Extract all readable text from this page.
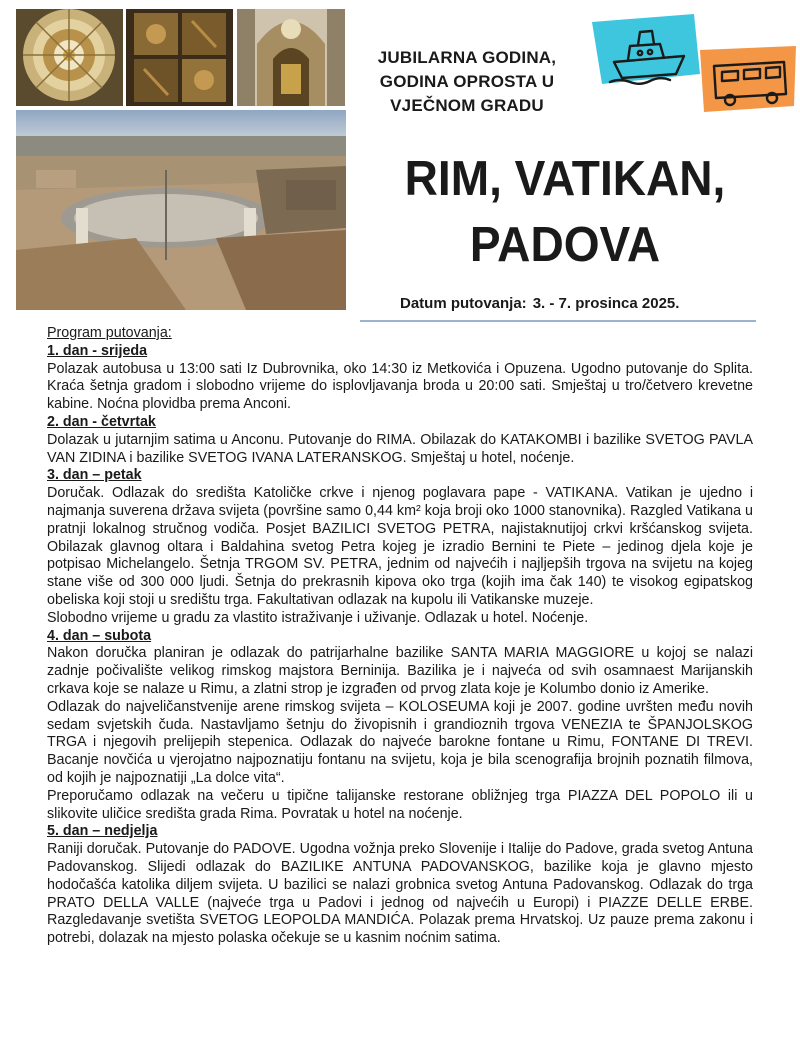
JUBILARNA GODINA,
GODINA OPROSTA U
VJEČNOM GRADU
RIM, VATIKAN,
PADOVA
Datum putovanja: 3. - 7. prosinca 2025.

Program putovanja:

1. dan - srijeda

Polazak autobusa u 13:00 sati Iz Dubrovnika, oko 14:30 iz Metkovića i Opuzena. Ugodno putovanje do Splita. Kraća šetnja gradom i slobodno vrijeme do isplovljavanja broda u 20:00 sati. Smještaj u tro/četvero krevetne kabine. Noćna plovidba prema Anconi.

2. dan - četvrtak

Dolazak u jutarnjim satima u Anconu. Putovanje do RIMA. Obilazak do KATAKOMBI i bazilike SVETOG PAVLA VAN ZIDINA i bazilike SVETOG IVANA LATERANSKOG. Smještaj u hotel, noćenje.

3. dan – petak

Doručak. Odlazak do središta Katoličke crkve i njenog poglavara pape - VATIKANA. Vatikan je ujedno i najmanja suverena država svijeta (površine samo 0,44 km² koja broji oko 1000 stanovnika). Razgled Vatikana u pratnji lokalnog stručnog vodiča. Posjet BAZILICI SVETOG PETRA, najistaknutijoj crkvi kršćanskog svijeta. Obilazak glavnog oltara i Baldahina svetog Petra kojeg je izradio Bernini te Piete – jedinog djela koje je potpisao Michelangelo. Šetnja TRGOM SV. PETRA, jednim od najvećih i najljepših trgova na svijetu na kojeg stane više od 300 000 ljudi. Šetnja do prekrasnih kipova oko trga (kojih ima čak 140) te visokog egipatskog obeliska koji stoji u središtu trga. Fakultativan odlazak na kupolu ili Vatikanske muzeje.

Slobodno vrijeme u gradu za vlastito istraživanje i uživanje. Odlazak u hotel. Noćenje.

4. dan – subota

Nakon doručka planiran je odlazak do patrijarhalne bazilike SANTA MARIA MAGGIORE u kojoj se nalazi zadnje počivalište velikog rimskog majstora Berninija. Bazilika je i najveća od svih osamnaest Marijanskih crkava koje se nalaze u Rimu, a zlatni strop je izgrađen od prvog zlata koje je Kolumbo donio iz Amerike.

Odlazak do najveličanstvenije arene rimskog svijeta – KOLOSEUMA koji je 2007. godine uvršten među novih sedam svjetskih čuda. Nastavljamo šetnju do živopisnih i grandioznih trgova VENEZIA te ŠPANJOLSKOG TRGA i njegovih prelijepih stepenica. Odlazak do najveće barokne fontane u Rimu, FONTANE DI TREVI. Bacanje novčića u vjerojatno najpoznatiju fontanu na svijetu, koja je bila scenografija brojnih poznatih filmova, od kojih je najpoznatiji „La dolce vita“.

Preporučamo odlazak na večeru u tipične talijanske restorane obližnjeg trga PIAZZA DEL POPOLO ili u slikovite uličice središta grada Rima. Povratak u hotel na noćenje.

5. dan – nedjelja

Raniji doručak. Putovanje do PADOVE. Ugodna vožnja preko Slovenije i Italije do Padove, grada svetog Antuna Padovanskog. Slijedi odlazak do BAZILIKE ANTUNA PADOVANSKOG, bazilike koja je glavno mjesto hodočašća katolika diljem svijeta. U bazilici se nalazi grobnica svetog Antuna Padovanskog. Odlazak do trga PRATO DELLA VALLE (najveće trga u Padovi i jednog od najvećih u Europi) i PIAZZE DELLE ERBE. Razgledavanje svetišta SVETOG LEOPOLDA MANDIĆA. Polazak prema Hrvatskoj. Uz pauze prema zakonu i potrebi, dolazak na mjesto polaska očekuje se u kasnim noćnim satima.
